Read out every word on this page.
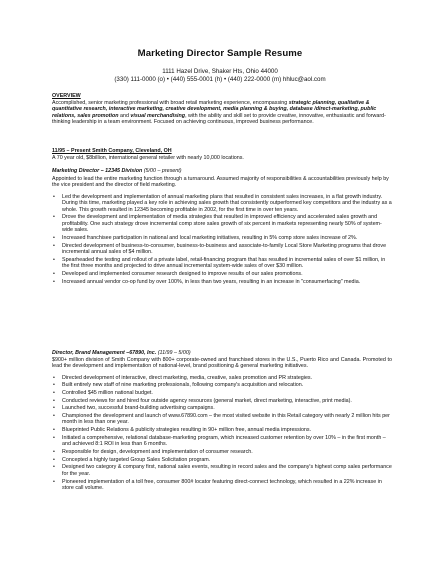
Marketing Director Sample Resume
1111 Hazel Drive, Shaker Hts, Ohio 44000
(330) 111-0000 (o) • (440) 555-0001 (h) • (440) 222-0000 (m) hhluc@aol.com
OVERVIEW

Accomplished, senior marketing professional with broad retail marketing experience, encompassing strategic planning, qualitative & quantitative research, interactive marketing, creative development, media planning & buying, database /direct-marketing, public relations, sales promotion and visual merchandising, with the ability and skill set to provide creative, innovative, enthusiastic and forward-thinking leadership in a team environment. Focused on achieving continuous, improved business performance.

11/95 – Present Smith Company, Cleveland, OH

A 70 year old, $8billion, international general retailer with nearly 10,000 locations.

Marketing Director – 12345 Division (5/00 – present)

Appointed to lead the entire marketing function through a turnaround. Assumed majority of responsibilities & accountabilities previously help by the vice president and the director of field marketing.

• Led the development and implementation of annual marketing plans that resulted in consistent sales increases, in a flat growth industry. During this time, marketing played a key role in achieving sales growth that consistently outperformed key competitors and the industry as a whole. This growth resulted in 12345 becoming profitable in 2002, for the first time in over ten years.
• Drove the development and implementation of media strategies that resulted in improved efficiency and accelerated sales growth and profitability. One such strategy drove incremental comp store sales growth of six percent in markets representing nearly 50% of system-wide sales.
• Increased franchisee participation in national and local marketing initiatives, resulting in 5% comp store sales increase of 2%.
• Directed development of business-to-consumer, business-to-business and associate-to-family Local Store Marketing programs that drove incremental annual sales of $4 million.
• Spearheaded the testing and rollout of a private label, retail-financing program that has resulted in incremental sales of over $1 million, in the first three months and projected to drive annual incremental system-wide sales of over $30 million.
• Developed and implemented consumer research designed to improve results of our sales promotions.
• Increased annual vendor co-op fund by over 100%, in less than two years, resulting in an increase in "consumerfacing" media.

Director, Brand Management –67890, Inc. (11/99 – 5/00)

$900+ million division of Smith Company with 800+ corporate-owned and franchised stores in the U.S., Puerto Rico and Canada. Promoted to lead the development and implementation of national-level, brand positioning & general marketing initiatives.

• Directed development of interactive, direct marketing, media, creative, sales promotion and PR strategies.
• Built entirely new staff of nine marketing professionals, following company's acquisition and relocation.
• Controlled $45 million national budget.
• Conducted reviews for and hired four outside agency resources (general market, direct marketing, interactive, print media).
• Launched two, successful brand-building advertising campaigns.
• Championed the development and launch of www.67890.com – the most visited website in this Retail category with nearly 2 million hits per month in less than one year.
• Blueprinted Public Relations & publicity strategies resulting in 90+ million free, annual media impressions.
• Initiated a comprehensive, relational database-marketing program, which increased customer retention by over 10% – in the first month – and achieved 8:1 ROI in less than 6 months.
• Responsible for design, development and implementation of consumer research.
• Concepted a highly targeted Group Sales Solicitation program.
• Designed two category & company first, national sales events, resulting in record sales and the company's highest comp sales performance for the year.
• Pioneered implementation of a toll free, consumer 800# locator featuring direct-connect technology, which resulted in a 22% increase in store call volume.
